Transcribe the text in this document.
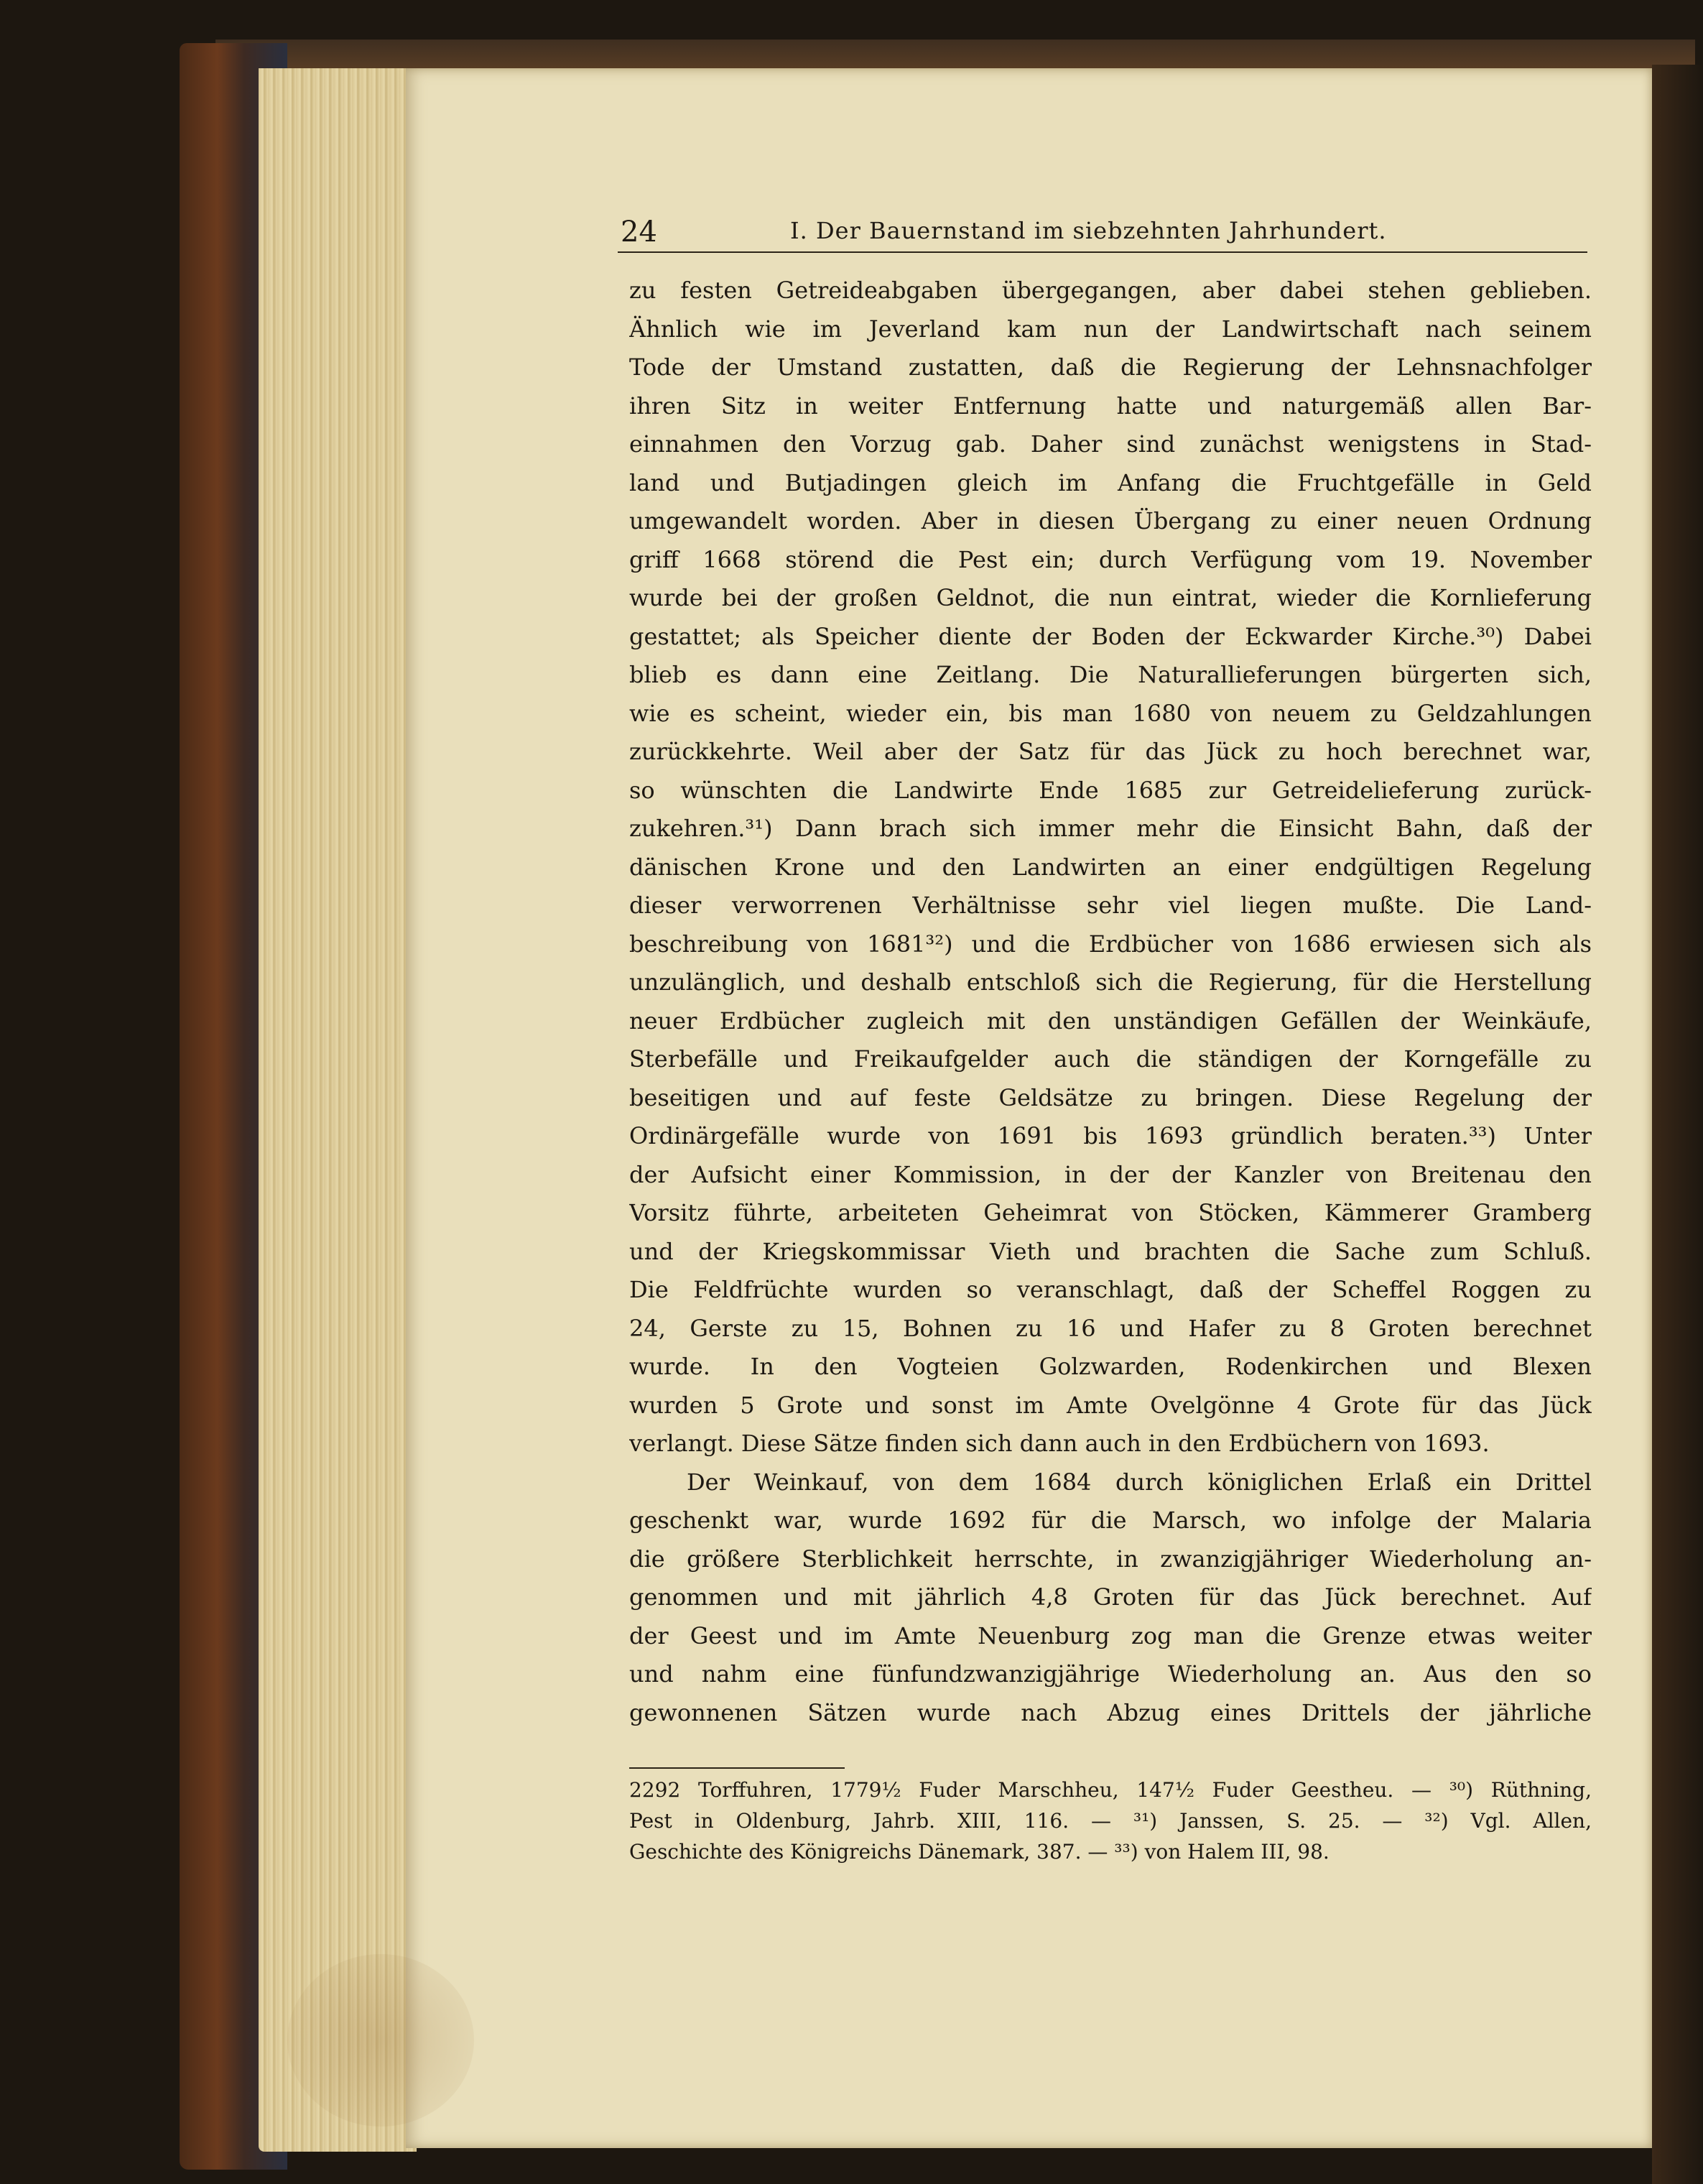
24	I. Der Bauernstand im siebzehnten Jahrhundert.
zu festen Getreideabgaben übergegangen, aber dabei stehen geblieben.
Ähnlich wie im Jeverland kam nun der Landwirtschaft nach seinem
Tode der Umstand zustatten, daß die Regierung der Lehnsnachfolger
ihren Sitz in weiter Entfernung hatte und naturgemäß allen Bar-
einnahmen den Vorzug gab. Daher sind zunächst wenigstens in Stad-
land und Butjadingen gleich im Anfang die Fruchtgefälle in Geld
umgewandelt worden. Aber in diesen Übergang zu einer neuen Ordnung
griff 1668 störend die Pest ein; durch Verfügung vom 19. November
wurde bei der großen Geldnot, die nun eintrat, wieder die Kornlieferung
gestattet; als Speicher diente der Boden der Eckwarder Kirche.³⁰) Dabei
blieb es dann eine Zeitlang. Die Naturallieferungen bürgerten sich,
wie es scheint, wieder ein, bis man 1680 von neuem zu Geldzahlungen
zurückkehrte. Weil aber der Satz für das Jück zu hoch berechnet war,
so wünschten die Landwirte Ende 1685 zur Getreidelieferung zurück-
zukehren.³¹) Dann brach sich immer mehr die Einsicht Bahn, daß der
dänischen Krone und den Landwirten an einer endgültigen Regelung
dieser verworrenen Verhältnisse sehr viel liegen mußte. Die Land-
beschreibung von 1681³²) und die Erdbücher von 1686 erwiesen sich als
unzulänglich, und deshalb entschloß sich die Regierung, für die Herstellung
neuer Erdbücher zugleich mit den unständigen Gefällen der Weinkäufe,
Sterbefälle und Freikaufgelder auch die ständigen der Korngefälle zu
beseitigen und auf feste Geldsätze zu bringen. Diese Regelung der
Ordinärgefälle wurde von 1691 bis 1693 gründlich beraten.³³) Unter
der Aufsicht einer Kommission, in der der Kanzler von Breitenau den
Vorsitz führte, arbeiteten Geheimrat von Stöcken, Kämmerer Gramberg
und der Kriegskommissar Vieth und brachten die Sache zum Schluß.
Die Feldfrüchte wurden so veranschlagt, daß der Scheffel Roggen zu
24, Gerste zu 15, Bohnen zu 16 und Hafer zu 8 Groten berechnet
wurde. In den Vogteien Golzwarden, Rodenkirchen und Blexen
wurden 5 Grote und sonst im Amte Ovelgönne 4 Grote für das Jück
verlangt. Diese Sätze finden sich dann auch in den Erdbüchern von 1693.
Der Weinkauf, von dem 1684 durch königlichen Erlaß ein Drittel
geschenkt war, wurde 1692 für die Marsch, wo infolge der Malaria
die größere Sterblichkeit herrschte, in zwanzigjähriger Wiederholung an-
genommen und mit jährlich 4,8 Groten für das Jück berechnet. Auf
der Geest und im Amte Neuenburg zog man die Grenze etwas weiter
und nahm eine fünfundzwanzigjährige Wiederholung an. Aus den so
gewonnenen Sätzen wurde nach Abzug eines Drittels der jährliche
2292 Torffuhren, 1779½ Fuder Marschheu, 147½ Fuder Geestheu. — ³⁰) Rüthning,
Pest in Oldenburg, Jahrb. XIII, 116. — ³¹) Janssen, S. 25. — ³²) Vgl. Allen,
Geschichte des Königreichs Dänemark, 387. — ³³) von Halem III, 98.
